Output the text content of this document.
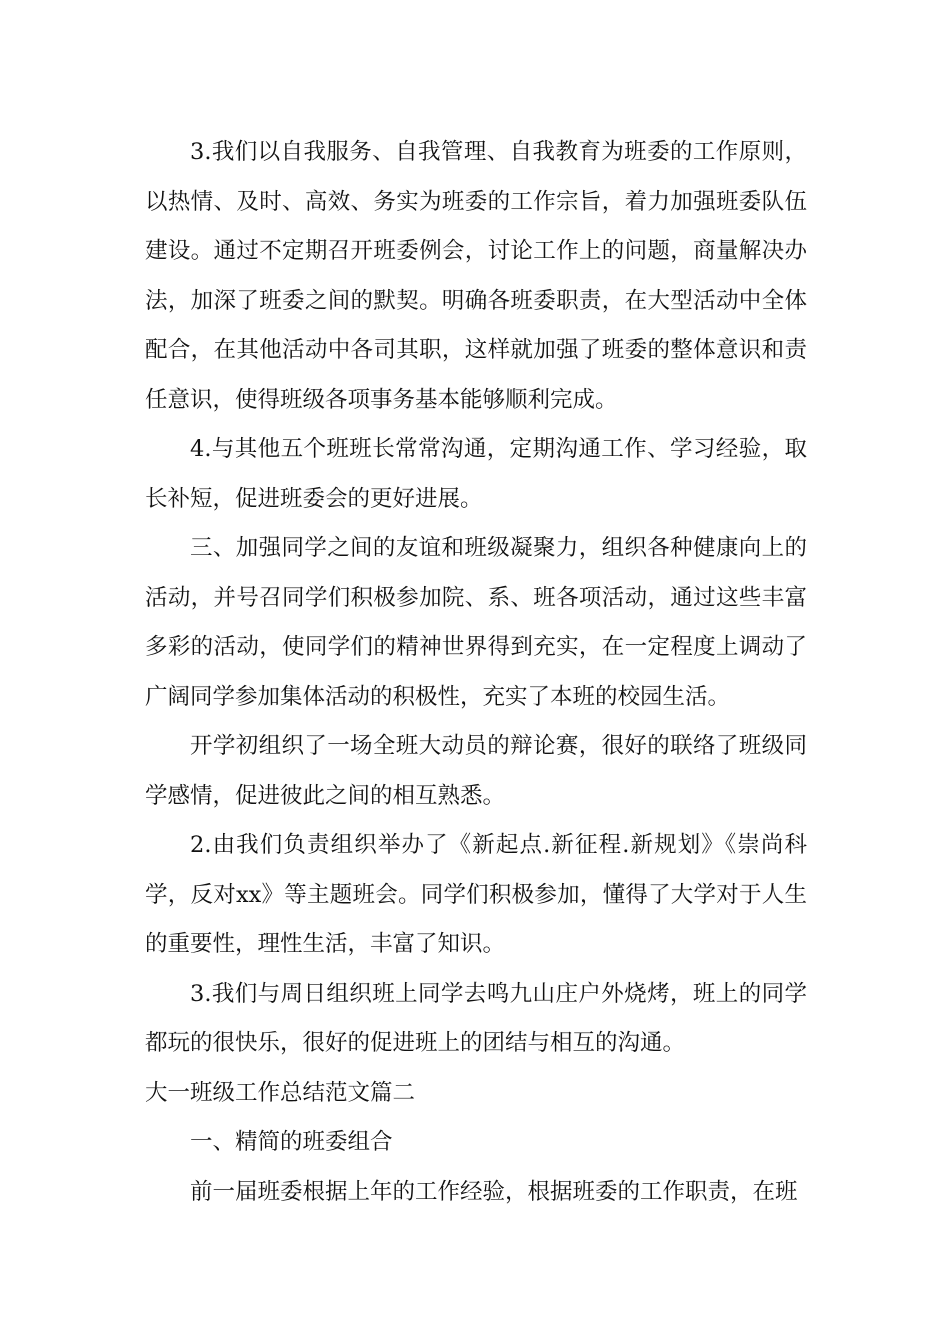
3.我们以自我服务、自我管理、自我教育为班委的工作原则，以热情、及时、高效、务实为班委的工作宗旨，着力加强班委队伍建设。通过不定期召开班委例会，讨论工作上的问题，商量解决办法，加深了班委之间的默契。明确各班委职责，在大型活动中全体配合，在其他活动中各司其职，这样就加强了班委的整体意识和责任意识，使得班级各项事务基本能够顺利完成。

4.与其他五个班班长常常沟通，定期沟通工作、学习经验，取长补短，促进班委会的更好进展。

三、加强同学之间的友谊和班级凝聚力，组织各种健康向上的活动，并号召同学们积极参加院、系、班各项活动，通过这些丰富多彩的活动，使同学们的精神世界得到充实，在一定程度上调动了广阔同学参加集体活动的积极性，充实了本班的校园生活。

开学初组织了一场全班大动员的辩论赛，很好的联络了班级同学感情，促进彼此之间的相互熟悉。

2.由我们负责组织举办了《新起点.新征程.新规划》《崇尚科学，反对xx》等主题班会。同学们积极参加，懂得了大学对于人生的重要性，理性生活，丰富了知识。

3.我们与周日组织班上同学去鸣九山庄户外烧烤，班上的同学都玩的很快乐，很好的促进班上的团结与相互的沟通。

大一班级工作总结范文篇二

一、精简的班委组合

前一届班委根据上年的工作经验，根据班委的工作职责，在班
